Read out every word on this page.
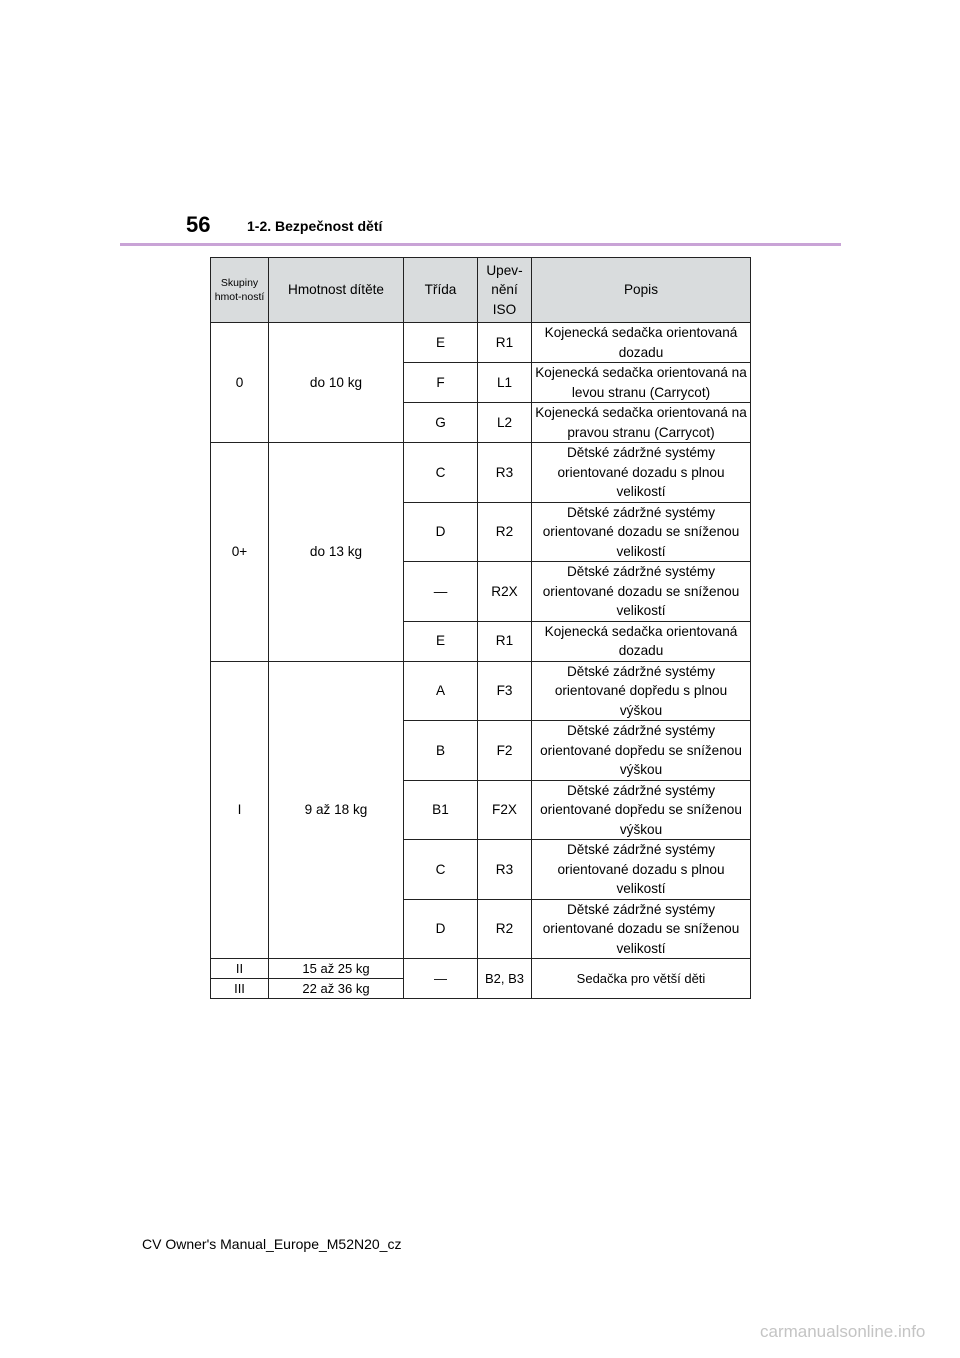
56	1-2. Bezpečnost dětí
Skupiny hmot-ností	Hmotnost dítěte	Třída	Upev-nění ISO	Popis
0	do 10 kg	E	R1	Kojenecká sedačka orientovaná dozadu
		F	L1	Kojenecká sedačka orientovaná na levou stranu (Carrycot)
		G	L2	Kojenecká sedačka orientovaná na pravou stranu (Carrycot)
0+	do 13 kg	C	R3	Dětské zádržné systémy orientované dozadu s plnou velikostí
		D	R2	Dětské zádržné systémy orientované dozadu se sníženou velikostí
		—	R2X	Dětské zádržné systémy orientované dozadu se sníženou velikostí
		E	R1	Kojenecká sedačka orientovaná dozadu
I	9 až 18 kg	A	F3	Dětské zádržné systémy orientované dopředu s plnou výškou
		B	F2	Dětské zádržné systémy orientované dopředu se sníženou výškou
		B1	F2X	Dětské zádržné systémy orientované dopředu se sníženou výškou
		C	R3	Dětské zádržné systémy orientované dozadu s plnou velikostí
		D	R2	Dětské zádržné systémy orientované dozadu se sníženou velikostí
II	15 až 25 kg	—	B2, B3	Sedačka pro větší děti
III	22 až 36 kg			
CV Owner's Manual_Europe_M52N20_cz
carmanualsonline.info
